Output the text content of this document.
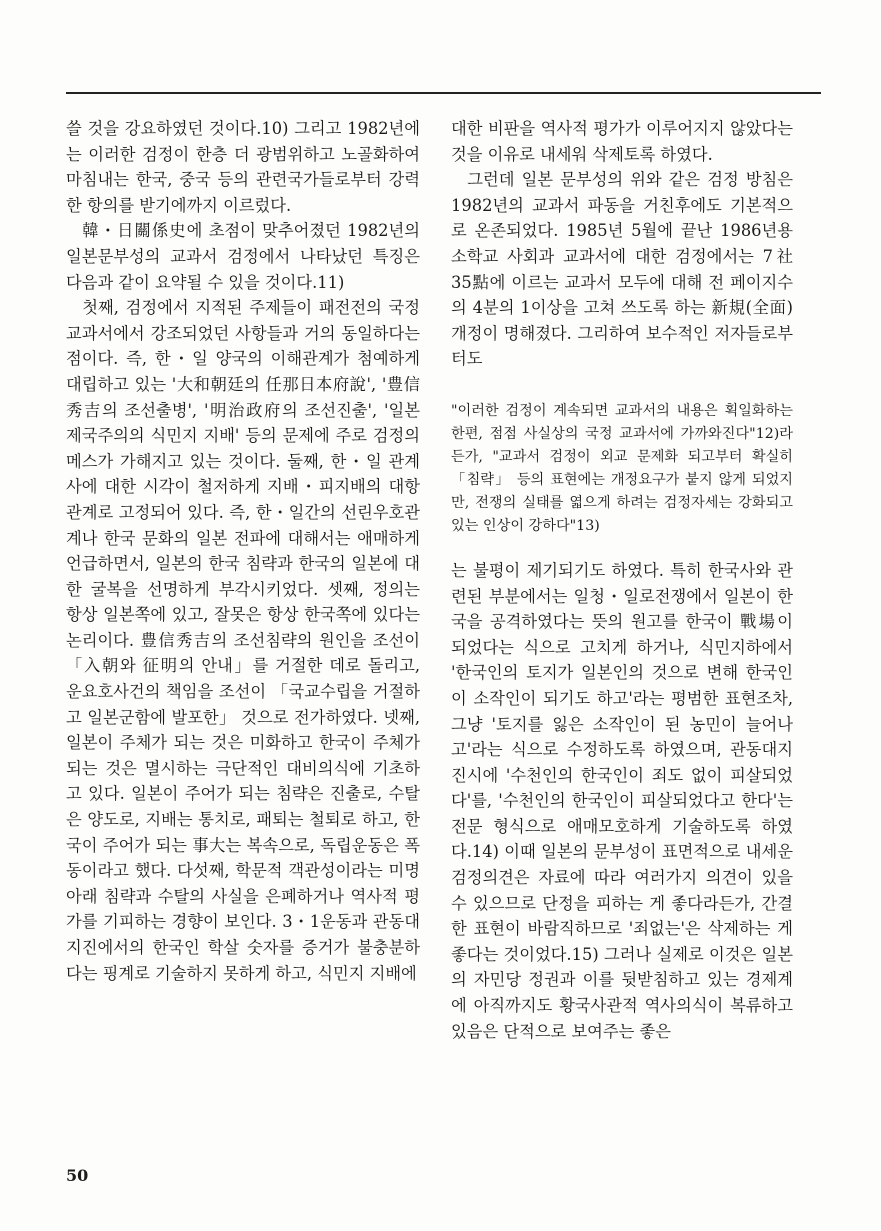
쓸 것을 강요하였던 것이다.10) 그리고 1982년에는 이러한 검정이 한층 더 광범위하고 노골화하여 마침내는 한국, 중국 등의 관련국가들로부터 강력한 항의를 받기에까지 이르렀다.

韓・日關係史에 초점이 맞추어졌던 1982년의 일본문부성의 교과서 검정에서 나타났던 특징은 다음과 같이 요약될 수 있을 것이다.11)

첫째, 검정에서 지적된 주제들이 패전전의 국정 교과서에서 강조되었던 사항들과 거의 동일하다는 점이다. 즉, 한・일 양국의 이해관계가 첨예하게 대립하고 있는 '大和朝廷의 任那日本府說', '豊信秀吉의 조선출병', '明治政府의 조선진출', '일본 제국주의의 식민지 지배' 등의 문제에 주로 검정의 메스가 가해지고 있는 것이다. 둘째, 한・일 관계사에 대한 시각이 철저하게 지배・피지배의 대항 관계로 고정되어 있다. 즉, 한・일간의 선린우호관계나 한국 문화의 일본 전파에 대해서는 애매하게 언급하면서, 일본의 한국 침략과 한국의 일본에 대한 굴복을 선명하게 부각시키었다. 셋째, 정의는 항상 일본쪽에 있고, 잘못은 항상 한국쪽에 있다는 논리이다. 豊信秀吉의 조선침략의 원인을 조선이 「入朝와 征明의 안내」를 거절한 데로 돌리고, 운요호사건의 책임을 조선이 「국교수립을 거절하고 일본군함에 발포한」 것으로 전가하였다. 넷째, 일본이 주체가 되는 것은 미화하고 한국이 주체가 되는 것은 멸시하는 극단적인 대비의식에 기초하고 있다. 일본이 주어가 되는 침략은 진출로, 수탈은 양도로, 지배는 통치로, 패퇴는 철퇴로 하고, 한국이 주어가 되는 事大는 복속으로, 독립운동은 폭동이라고 했다. 다섯째, 학문적 객관성이라는 미명 아래 침략과 수탈의 사실을 은폐하거나 역사적 평가를 기피하는 경향이 보인다. 3・1운동과 관동대지진에서의 한국인 학살 숫자를 증거가 불충분하다는 핑계로 기술하지 못하게 하고, 식민지 지배에

대한 비판을 역사적 평가가 이루어지지 않았다는 것을 이유로 내세워 삭제토록 하였다.

그런데 일본 문부성의 위와 같은 검정 방침은 1982년의 교과서 파동을 거친후에도 기본적으로 온존되었다. 1985년 5월에 끝난 1986년용 소학교 사회과 교과서에 대한 검정에서는 7社 35點에 이르는 교과서 모두에 대해 전 페이지수의 4분의 1이상을 고쳐 쓰도록 하는 新規(全面) 개정이 명해졌다. 그리하여 보수적인 저자들로부터도

"이러한 검정이 계속되면 교과서의 내용은 획일화하는 한편, 점점 사실상의 국정 교과서에 가까와진다"12)라든가, "교과서 검정이 외교 문제화 되고부터 확실히 「침략」 등의 표현에는 개정요구가 붙지 않게 되었지만, 전쟁의 실태를 엷으게 하려는 검정자세는 강화되고 있는 인상이 강하다"13)

는 불평이 제기되기도 하였다. 특히 한국사와 관련된 부분에서는 일청・일로전쟁에서 일본이 한국을 공격하였다는 뜻의 원고를 한국이 戰場이 되었다는 식으로 고치게 하거나, 식민지하에서 '한국인의 토지가 일본인의 것으로 변해 한국인이 소작인이 되기도 하고'라는 평범한 표현조차, 그냥 '토지를 잃은 소작인이 된 농민이 늘어나고'라는 식으로 수정하도록 하였으며, 관동대지진시에 '수천인의 한국인이 죄도 없이 피살되었다'를, '수천인의 한국인이 피살되었다고 한다'는 전문 형식으로 애매모호하게 기술하도록 하였다.14) 이때 일본의 문부성이 표면적으로 내세운 검정의견은 자료에 따라 여러가지 의견이 있을 수 있으므로 단정을 피하는 게 좋다라든가, 간결한 표현이 바람직하므로 '죄없는'은 삭제하는 게 좋다는 것이었다.15) 그러나 실제로 이것은 일본의 자민당 정권과 이를 뒷받침하고 있는 경제계에 아직까지도 황국사관적 역사의식이 복류하고 있음은 단적으로 보여주는 좋은

50
